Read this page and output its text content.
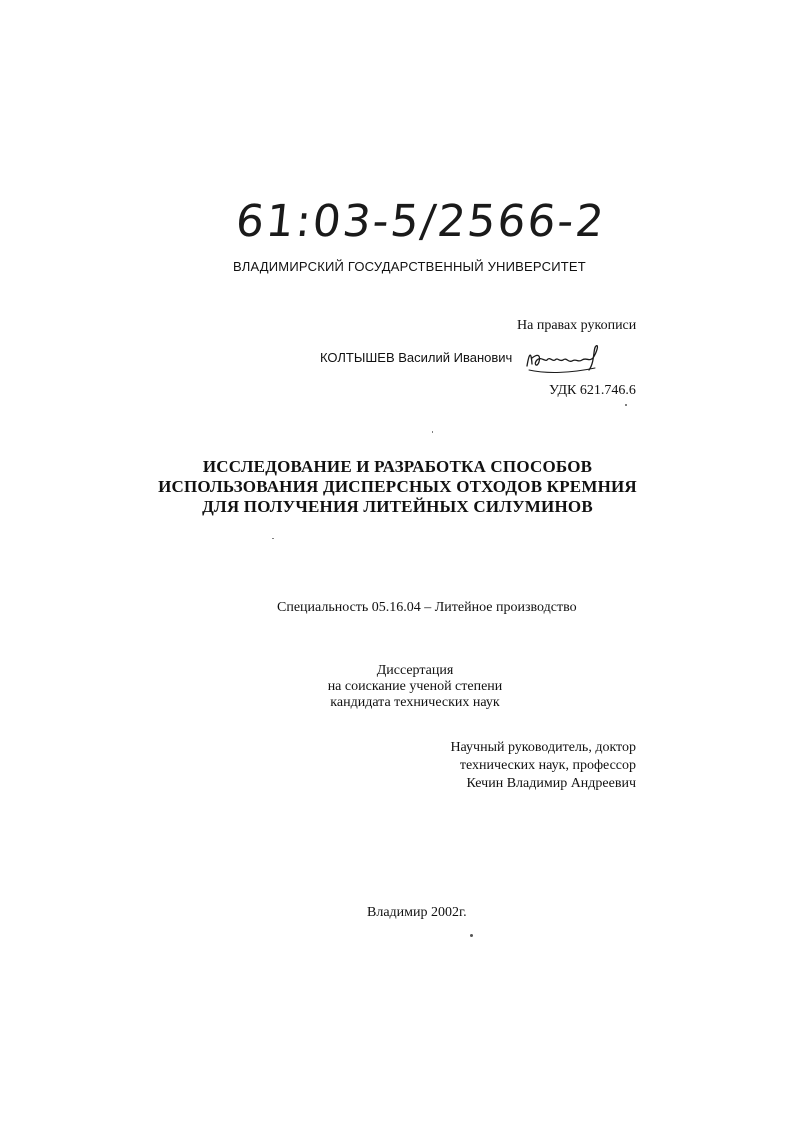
61:03-5/2566-2
ВЛАДИМИРСКИЙ ГОСУДАРСТВЕННЫЙ УНИВЕРСИТЕТ
На правах рукописи
КОЛТЫШЕВ Василий Иванович
УДК 621.746.6
ИССЛЕДОВАНИЕ И РАЗРАБОТКА СПОСОБОВ
ИСПОЛЬЗОВАНИЯ ДИСПЕРСНЫХ ОТХОДОВ КРЕМНИЯ
ДЛЯ ПОЛУЧЕНИЯ ЛИТЕЙНЫХ СИЛУМИНОВ
Специальность 05.16.04 – Литейное производство
Диссертация
на соискание ученой степени
кандидата технических наук
Научный руководитель, доктор
технических наук, профессор
Кечин Владимир Андреевич
Владимир 2002г.
